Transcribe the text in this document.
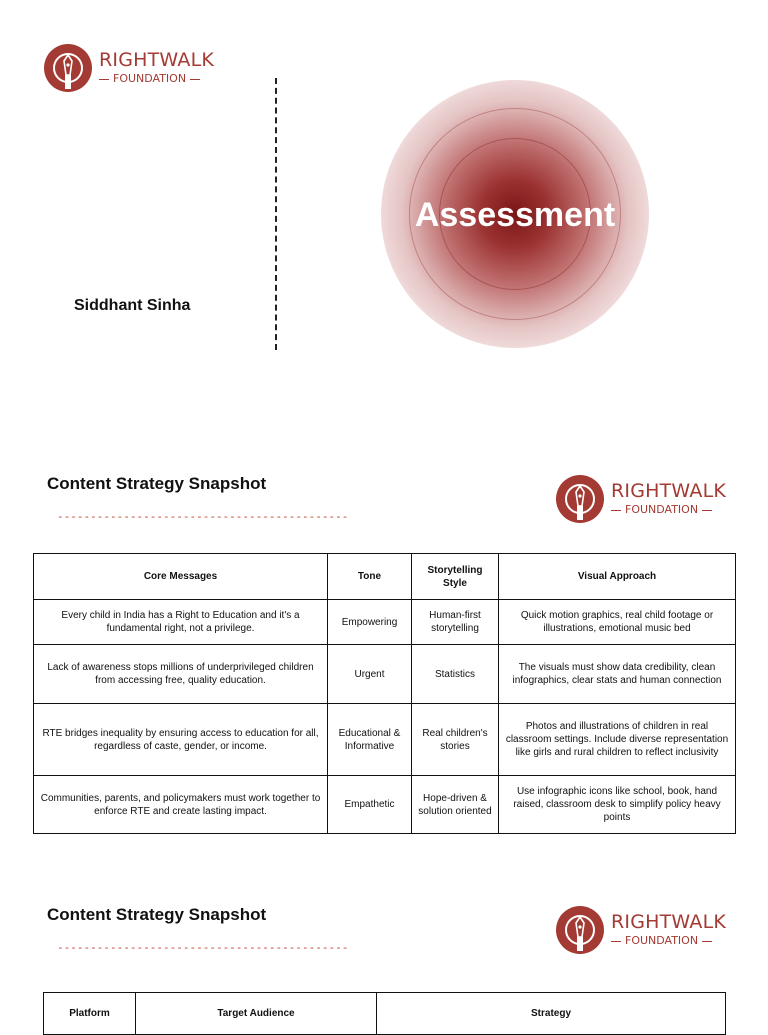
RIGHTWALK
FOUNDATION
Siddhant Sinha
Assessment
Content Strategy Snapshot
--------------------------------------------
RIGHTWALK
FOUNDATION
Core Messages	Tone	Storytelling Style	Visual Approach
Every child in India has a Right to Education and it's a fundamental right, not a privilege.	Empowering	Human-first storytelling	Quick motion graphics, real child footage or illustrations, emotional music bed
Lack of awareness stops millions of underprivileged children from accessing free, quality education.	Urgent	Statistics	The visuals must show data credibility, clean infographics, clear stats and human connection
RTE bridges inequality by ensuring access to education for all, regardless of caste, gender, or income.	Educational & Informative	Real children's stories	Photos and illustrations of children in real classroom settings. Include diverse representation like girls and rural children to reflect inclusivity
Communities, parents, and policymakers must work together to enforce RTE and create lasting impact.	Empathetic	Hope-driven & solution oriented	Use infographic icons like school, book, hand raised, classroom desk to simplify policy heavy points
Content Strategy Snapshot
--------------------------------------------
RIGHTWALK
FOUNDATION
Platform	Target Audience	Strategy
